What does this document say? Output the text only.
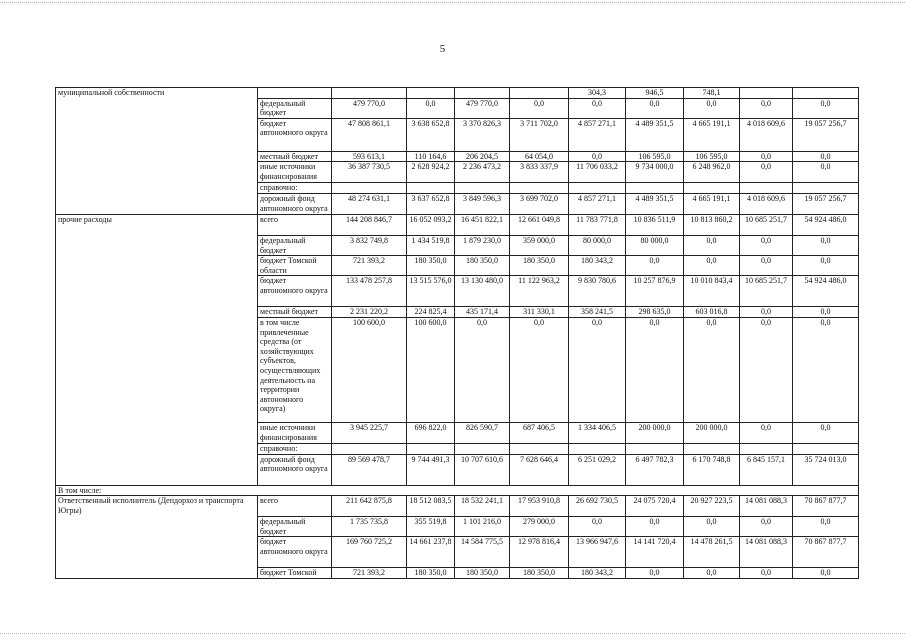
5
муниципальной собственности						304,3	946,5	748,1		
	федеральный бюджет	479 770,0	0,0	479 770,0	0,0	0,0	0,0	0,0	0,0	0,0
	бюджет автономного округа	47 808 861,1	3 638 652,8	3 370 826,3	3 711 702,0	4 857 271,1	4 489 351,5	4 665 191,1	4 018 609,6	19 057 256,7
	местный бюджет	593 613,1	110 164,6	206 204,5	64 054,0	0,0	106 595,0	106 595,0	0,0	0,0
	иные источники финансирования	36 387 730,5	2 628 924,2	2 236 473,2	3 833 337,9	11 706 033,2	9 734 000,0	6 248 962,0	0,0	0,0
	справочно:									
	дорожный фонд автономного округа	48 274 631,1	3 637 652,8	3 849 596,3	3 699 702,0	4 857 271,1	4 489 351,5	4 665 191,1	4 018 609,6	19 057 256,7
прочие расходы	всего	144 208 846,7	16 052 093,2	16 451 822,1	12 661 049,8	11 783 771,8	10 836 511,9	10 813 860,2	10 685 251,7	54 924 486,0
	федеральный бюджет	3 832 749,8	1 434 519,8	1 879 230,0	359 000,0	80 000,0	80 000,0	0,0	0,0	0,0
	бюджет Томской области	721 393,2	180 350,0	180 350,0	180 350,0	180 343,2	0,0	0,0	0,0	0,0
	бюджет автономного округа	133 478 257,8	13 515 576,0	13 130 480,0	11 122 963,2	9 830 780,6	10 257 876,9	10 010 843,4	10 685 251,7	54 924 486,0
	местный бюджет	2 231 220,2	224 825,4	435 171,4	311 330,1	358 241,5	298 635,0	603 016,8	0,0	0,0
	в том числе привлеченные средства (от хозяйствующих субъектов, осуществляющих деятельность на территории автономного округа)	100 600,0	100 600,0	0,0	0,0	0,0	0,0	0,0	0,0	0,0
	иные источники финансирования	3 945 225,7	696 822,0	826 590,7	687 406,5	1 334 406,5	200 000,0	200 000,0	0,0	0,0
	справочно:									
	дорожный фонд автономного округа	89 569 478,7	9 744 491,3	10 707 610,6	7 628 646,4	6 251 029,2	6 497 782,3	6 170 748,8	6 845 157,1	35 724 013,0
В том числе:										
Ответственный исполнитель (Депдорхоз и транспорта Югры)	всего	211 642 875,8	18 512 083,5	18 532 241,1	17 953 910,8	26 692 730,5	24 075 720,4	20 927 223,5	14 081 088,3	70 867 877,7
	федеральный бюджет	1 735 735,8	355 519,8	1 101 216,0	279 000,0	0,0	0,0	0,0	0,0	0,0
	бюджет автономного округа	169 760 725,2	14 661 237,8	14 584 775,5	12 978 816,4	13 966 947,6	14 141 720,4	14 478 261,5	14 081 088,3	70 867 877,7
	бюджет Томской	721 393,2	180 350,0	180 350,0	180 350,0	180 343,2	0,0	0,0	0,0	0,0
